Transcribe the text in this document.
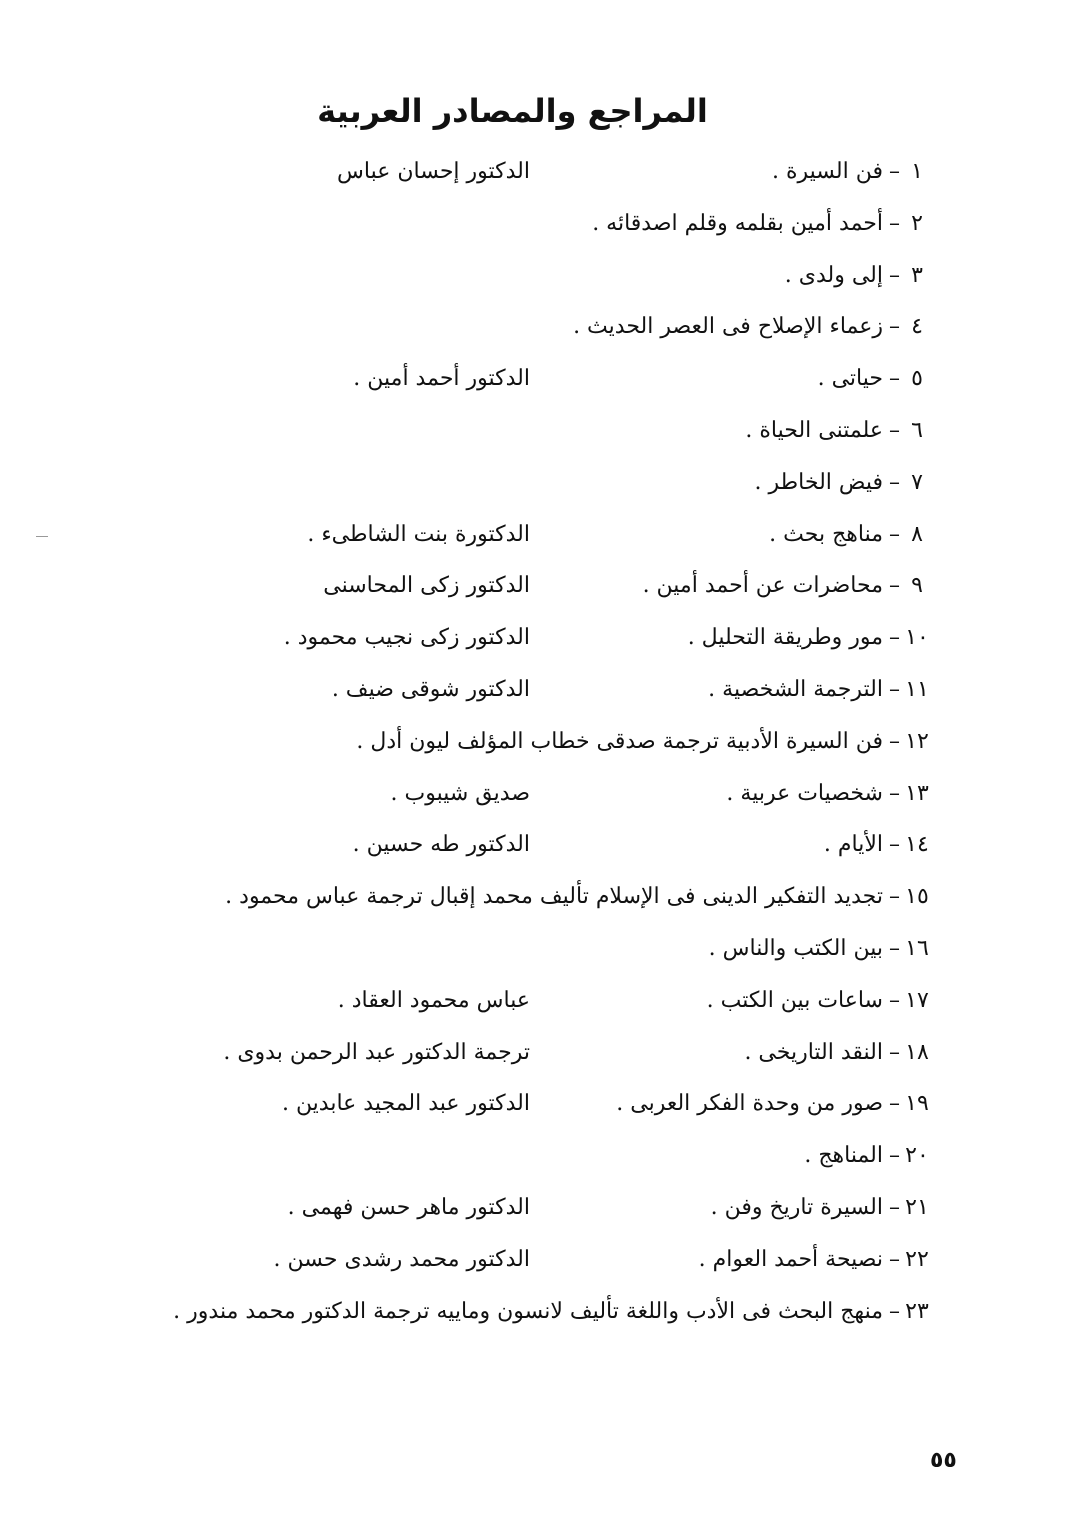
المراجع والمصادر العربية
١–فن السيرة .
الدكتور إحسان عباس
٢–أحمد أمين بقلمه وقلم اصدقائه .
٣–إلى ولدى .
٤–زعماء الإصلاح فى العصر الحديث .
٥–حياتى .
الدكتور أحمد أمين .
٦–علمتنى الحياة .
٧–فيض الخاطر .
٨–مناهج بحث .
الدكتورة بنت الشاطىء .
٩–محاضرات عن أحمد أمين .
الدكتور زكى المحاسنى
١٠–مور وطريقة التحليل .
الدكتور زكى نجيب محمود .
١١–الترجمة الشخصية .
الدكتور شوقى ضيف .
١٢–فن السيرة الأدبية ترجمة صدقى خطاب المؤلف ليون أدل .
١٣–شخصيات عربية .
صديق شيبوب .
١٤–الأيام .
الدكتور طه حسين .
١٥–تجديد التفكير الدينى فى الإسلام تأليف محمد إقبال ترجمة عباس محمود .
١٦–بين الكتب والناس .
١٧–ساعات بين الكتب .
عباس محمود العقاد .
١٨–النقد التاريخى .
ترجمة الدكتور عبد الرحمن بدوى .
١٩–صور من وحدة الفكر العربى .
الدكتور عبد المجيد عابدين .
٢٠–المناهج .
٢١–السيرة تاريخ وفن .
الدكتور ماهر حسن فهمى .
٢٢–نصيحة أحمد العوام .
الدكتور محمد رشدى حسن .
٢٣–منهج البحث فى الأدب واللغة تأليف لانسون وماييه ترجمة الدكتور محمد مندور .
٥٥
